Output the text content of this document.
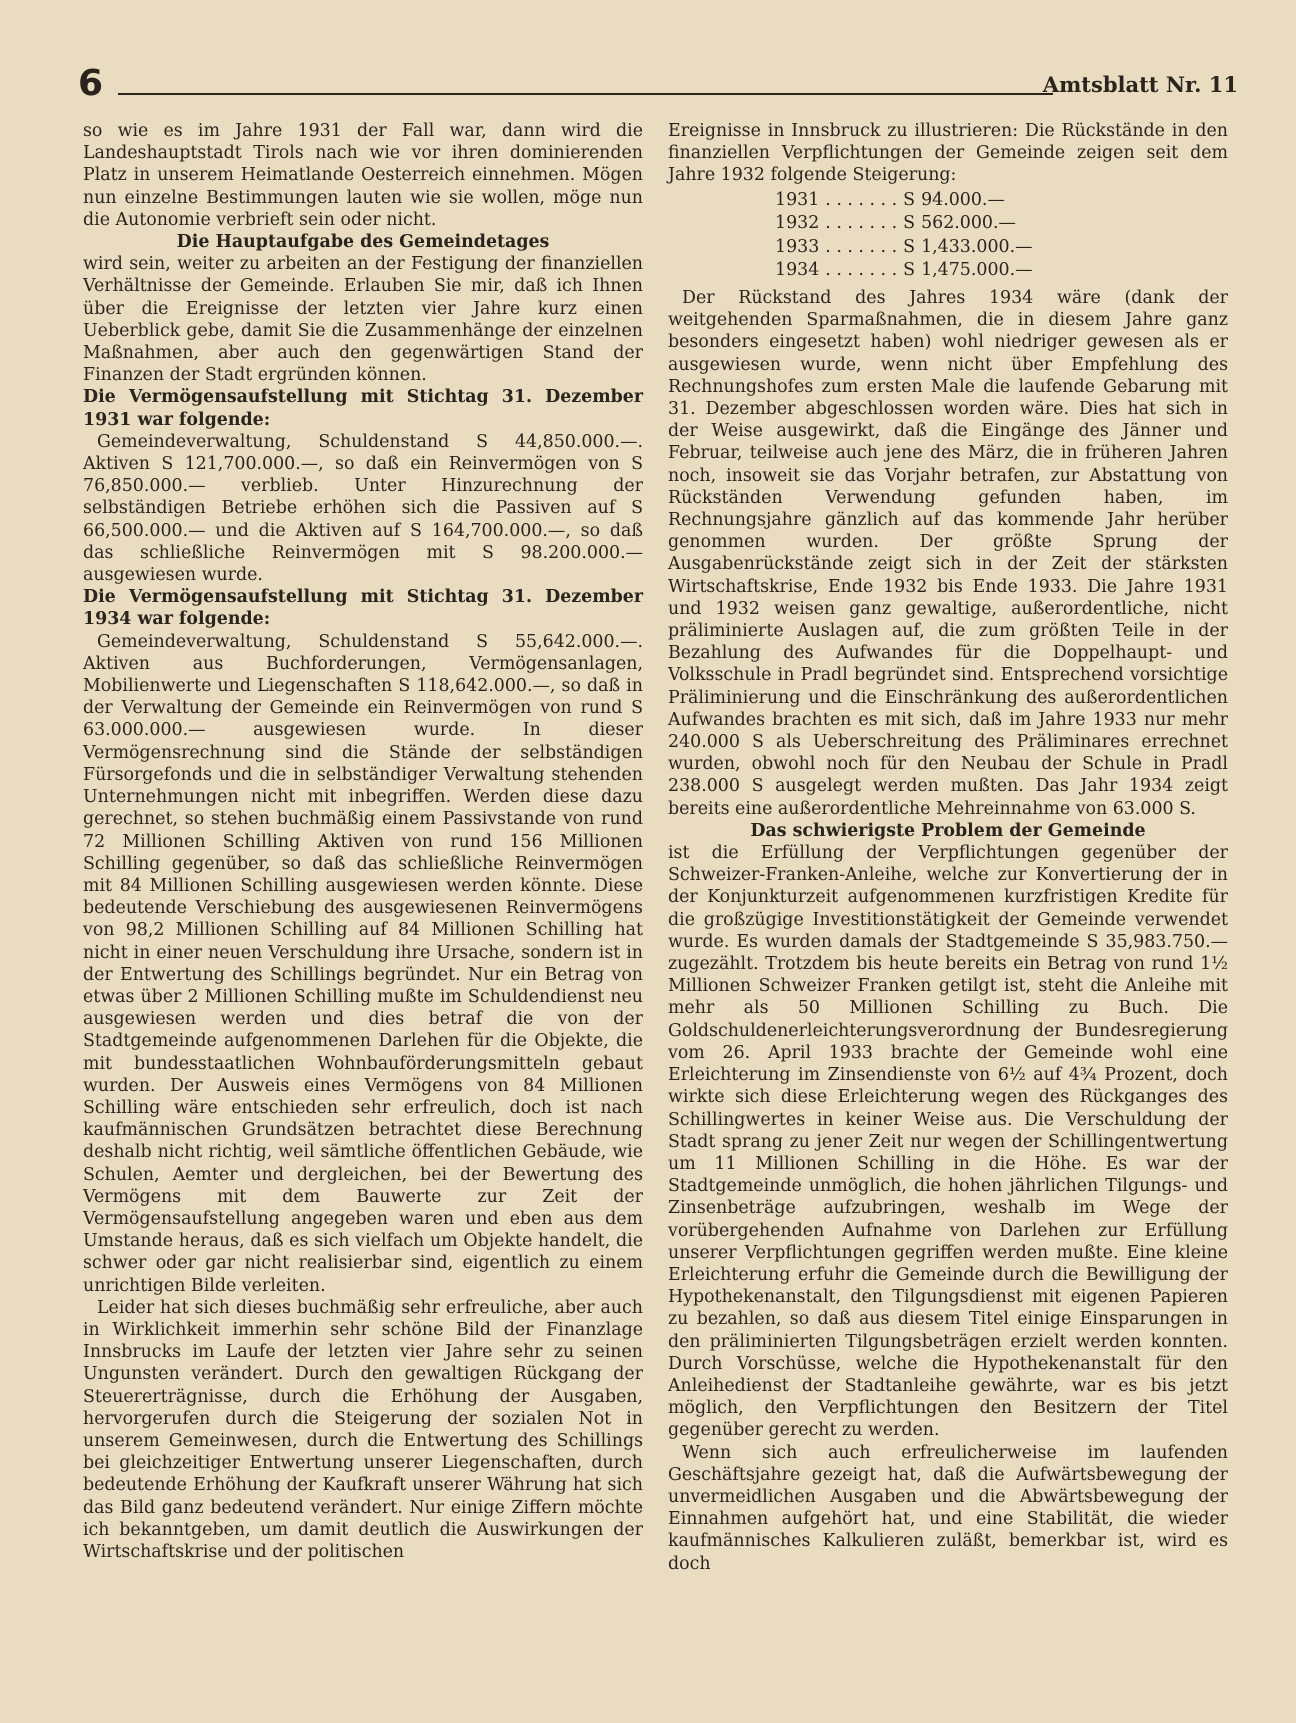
6	Amtsblatt Nr. 11

so wie es im Jahre 1931 der Fall war, dann wird die Landeshauptstadt Tirols nach wie vor ihren dominierenden Platz in unserem Heimatlande Oesterreich einnehmen. Mögen nun einzelne Bestimmungen lauten wie sie wollen, möge nun die Autonomie verbrieft sein oder nicht.

Die Hauptaufgabe des Gemeindetages

wird sein, weiter zu arbeiten an der Festigung der finanziellen Verhältnisse der Gemeinde. Erlauben Sie mir, daß ich Ihnen über die Ereignisse der letzten vier Jahre kurz einen Ueberblick gebe, damit Sie die Zusammenhänge der einzelnen Maßnahmen, aber auch den gegenwärtigen Stand der Finanzen der Stadt ergründen können.

Die Vermögensaufstellung mit Stichtag 31. Dezember 1931 war folgende:

Gemeindeverwaltung, Schuldenstand S 44,850.000.—. Aktiven S 121,700.000.—, so daß ein Reinvermögen von S 76,850.000.— verblieb. Unter Hinzurechnung der selbständigen Betriebe erhöhen sich die Passiven auf S 66,500.000.— und die Aktiven auf S 164,700.000.—, so daß das schließliche Reinvermögen mit S 98.200.000.— ausgewiesen wurde.

Die Vermögensaufstellung mit Stichtag 31. Dezember 1934 war folgende:

Gemeindeverwaltung, Schuldenstand S 55,642.000.—. Aktiven aus Buchforderungen, Vermögensanlagen, Mobilienwerte und Liegenschaften S 118,642.000.—, so daß in der Verwaltung der Gemeinde ein Reinvermögen von rund S 63.000.000.— ausgewiesen wurde. In dieser Vermögensrechnung sind die Stände der selbständigen Fürsorgefonds und die in selbständiger Verwaltung stehenden Unternehmungen nicht mit inbegriffen. Werden diese dazu gerechnet, so stehen buchmäßig einem Passivstande von rund 72 Millionen Schilling Aktiven von rund 156 Millionen Schilling gegenüber, so daß das schließliche Reinvermögen mit 84 Millionen Schilling ausgewiesen werden könnte. Diese bedeutende Verschiebung des ausgewiesenen Reinvermögens von 98,2 Millionen Schilling auf 84 Millionen Schilling hat nicht in einer neuen Verschuldung ihre Ursache, sondern ist in der Entwertung des Schillings begründet. Nur ein Betrag von etwas über 2 Millionen Schilling mußte im Schuldendienst neu ausgewiesen werden und dies betraf die von der Stadtgemeinde aufgenommenen Darlehen für die Objekte, die mit bundesstaatlichen Wohnbauförderungsmitteln gebaut wurden. Der Ausweis eines Vermögens von 84 Millionen Schilling wäre entschieden sehr erfreulich, doch ist nach kaufmännischen Grundsätzen betrachtet diese Berechnung deshalb nicht richtig, weil sämtliche öffentlichen Gebäude, wie Schulen, Aemter und dergleichen, bei der Bewertung des Vermögens mit dem Bauwerte zur Zeit der Vermögensaufstellung angegeben waren und eben aus dem Umstande heraus, daß es sich vielfach um Objekte handelt, die schwer oder gar nicht realisierbar sind, eigentlich zu einem unrichtigen Bilde verleiten.

Leider hat sich dieses buchmäßig sehr erfreuliche, aber auch in Wirklichkeit immerhin sehr schöne Bild der Finanzlage Innsbrucks im Laufe der letzten vier Jahre sehr zu seinen Ungunsten verändert. Durch den gewaltigen Rückgang der Steuererträgnisse, durch die Erhöhung der Ausgaben, hervorgerufen durch die Steigerung der sozialen Not in unserem Gemeinwesen, durch die Entwertung des Schillings bei gleichzeitiger Entwertung unserer Liegenschaften, durch bedeutende Erhöhung der Kaufkraft unserer Währung hat sich das Bild ganz bedeutend verändert. Nur einige Ziffern möchte ich bekanntgeben, um damit deutlich die Auswirkungen der Wirtschaftskrise und der politischen

Ereignisse in Innsbruck zu illustrieren: Die Rückstände in den finanziellen Verpflichtungen der Gemeinde zeigen seit dem Jahre 1932 folgende Steigerung:

1931	. . . . . . .	S	94.000.—
1932	. . . . . . .	S	562.000.—
1933	. . . . . . .	S	1,433.000.—
1934	. . . . . . .	S	1,475.000.—

Der Rückstand des Jahres 1934 wäre (dank der weitgehenden Sparmaßnahmen, die in diesem Jahre ganz besonders eingesetzt haben) wohl niedriger gewesen als er ausgewiesen wurde, wenn nicht über Empfehlung des Rechnungshofes zum ersten Male die laufende Gebarung mit 31. Dezember abgeschlossen worden wäre. Dies hat sich in der Weise ausgewirkt, daß die Eingänge des Jänner und Februar, teilweise auch jene des März, die in früheren Jahren noch, insoweit sie das Vorjahr betrafen, zur Abstattung von Rückständen Verwendung gefunden haben, im Rechnungsjahre gänzlich auf das kommende Jahr herüber genommen wurden. Der größte Sprung der Ausgabenrückstände zeigt sich in der Zeit der stärksten Wirtschaftskrise, Ende 1932 bis Ende 1933. Die Jahre 1931 und 1932 weisen ganz gewaltige, außerordentliche, nicht präliminierte Auslagen auf, die zum größten Teile in der Bezahlung des Aufwandes für die Doppelhaupt- und Volksschule in Pradl begründet sind. Entsprechend vorsichtige Präliminierung und die Einschränkung des außerordentlichen Aufwandes brachten es mit sich, daß im Jahre 1933 nur mehr 240.000 S als Ueberschreitung des Präliminares errechnet wurden, obwohl noch für den Neubau der Schule in Pradl 238.000 S ausgelegt werden mußten. Das Jahr 1934 zeigt bereits eine außerordentliche Mehreinnahme von 63.000 S.

Das schwierigste Problem der Gemeinde

ist die Erfüllung der Verpflichtungen gegenüber der Schweizer-Franken-Anleihe, welche zur Konvertierung der in der Konjunkturzeit aufgenommenen kurzfristigen Kredite für die großzügige Investitionstätigkeit der Gemeinde verwendet wurde. Es wurden damals der Stadtgemeinde S 35,983.750.— zugezählt. Trotzdem bis heute bereits ein Betrag von rund 1½ Millionen Schweizer Franken getilgt ist, steht die Anleihe mit mehr als 50 Millionen Schilling zu Buch. Die Goldschuldenerleichterungsverordnung der Bundesregierung vom 26. April 1933 brachte der Gemeinde wohl eine Erleichterung im Zinsendienste von 6½ auf 4¾ Prozent, doch wirkte sich diese Erleichterung wegen des Rückganges des Schillingwertes in keiner Weise aus. Die Verschuldung der Stadt sprang zu jener Zeit nur wegen der Schillingentwertung um 11 Millionen Schilling in die Höhe. Es war der Stadtgemeinde unmöglich, die hohen jährlichen Tilgungs- und Zinsenbeträge aufzubringen, weshalb im Wege der vorübergehenden Aufnahme von Darlehen zur Erfüllung unserer Verpflichtungen gegriffen werden mußte. Eine kleine Erleichterung erfuhr die Gemeinde durch die Bewilligung der Hypothekenanstalt, den Tilgungsdienst mit eigenen Papieren zu bezahlen, so daß aus diesem Titel einige Einsparungen in den präliminierten Tilgungsbeträgen erzielt werden konnten. Durch Vorschüsse, welche die Hypothekenanstalt für den Anleihedienst der Stadtanleihe gewährte, war es bis jetzt möglich, den Verpflichtungen den Besitzern der Titel gegenüber gerecht zu werden.

Wenn sich auch erfreulicherweise im laufenden Geschäftsjahre gezeigt hat, daß die Aufwärtsbewegung der unvermeidlichen Ausgaben und die Abwärtsbewegung der Einnahmen aufgehört hat, und eine Stabilität, die wieder kaufmännisches Kalkulieren zuläßt, bemerkbar ist, wird es doch
